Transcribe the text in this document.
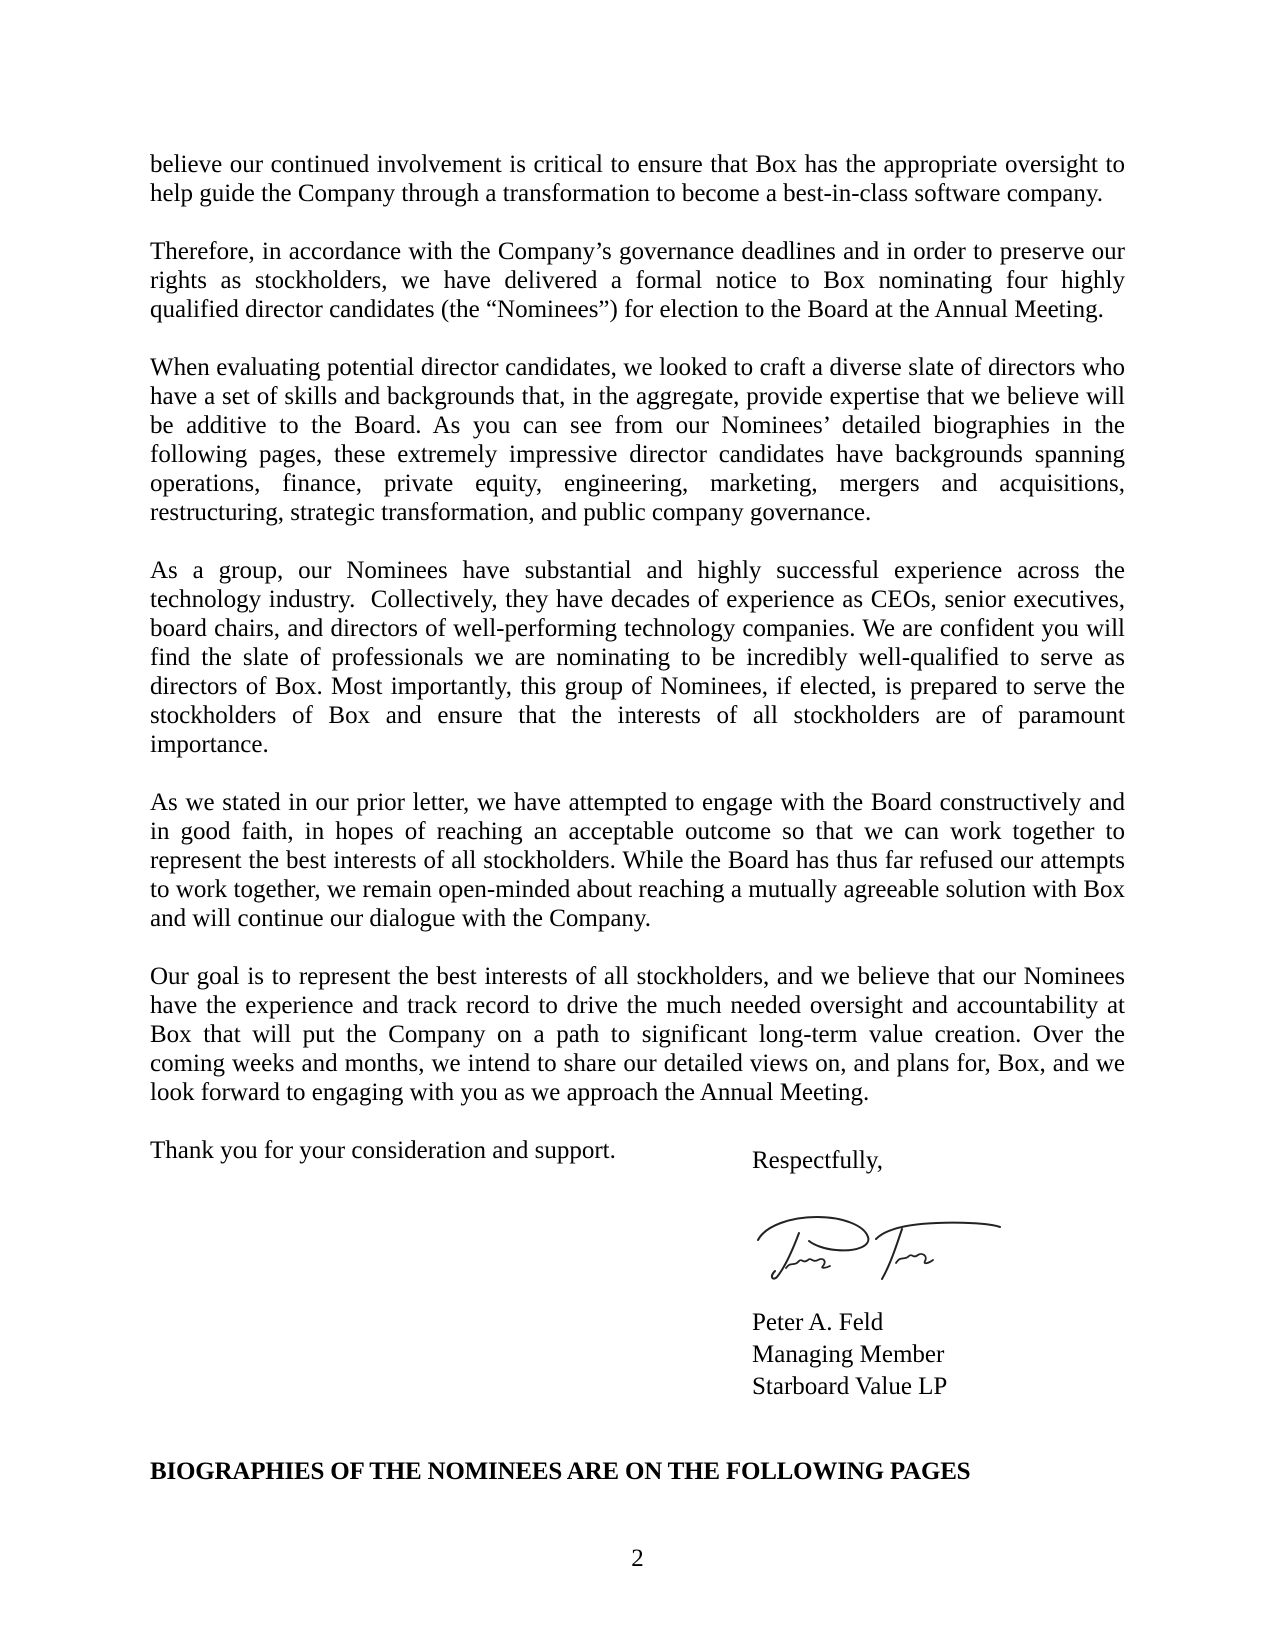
believe our continued involvement is critical to ensure that Box has the appropriate oversight to help guide the Company through a transformation to become a best-in-class software company.

Therefore, in accordance with the Company’s governance deadlines and in order to preserve our rights as stockholders, we have delivered a formal notice to Box nominating four highly qualified director candidates (the “Nominees”) for election to the Board at the Annual Meeting.

When evaluating potential director candidates, we looked to craft a diverse slate of directors who have a set of skills and backgrounds that, in the aggregate, provide expertise that we believe will be additive to the Board. As you can see from our Nominees’ detailed biographies in the following pages, these extremely impressive director candidates have backgrounds spanning operations, finance, private equity, engineering, marketing, mergers and acquisitions, restructuring, strategic transformation, and public company governance.

As a group, our Nominees have substantial and highly successful experience across the technology industry.  Collectively, they have decades of experience as CEOs, senior executives, board chairs, and directors of well-performing technology companies. We are confident you will find the slate of professionals we are nominating to be incredibly well-qualified to serve as directors of Box. Most importantly, this group of Nominees, if elected, is prepared to serve the stockholders of Box and ensure that the interests of all stockholders are of paramount importance.

As we stated in our prior letter, we have attempted to engage with the Board constructively and in good faith, in hopes of reaching an acceptable outcome so that we can work together to represent the best interests of all stockholders. While the Board has thus far refused our attempts to work together, we remain open-minded about reaching a mutually agreeable solution with Box and will continue our dialogue with the Company.

Our goal is to represent the best interests of all stockholders, and we believe that our Nominees have the experience and track record to drive the much needed oversight and accountability at Box that will put the Company on a path to significant long-term value creation. Over the coming weeks and months, we intend to share our detailed views on, and plans for, Box, and we look forward to engaging with you as we approach the Annual Meeting.

Thank you for your consideration and support.	Respectfully,

Peter A. Feld

Managing Member

Starboard Value LP

BIOGRAPHIES OF THE NOMINEES ARE ON THE FOLLOWING PAGES
2
